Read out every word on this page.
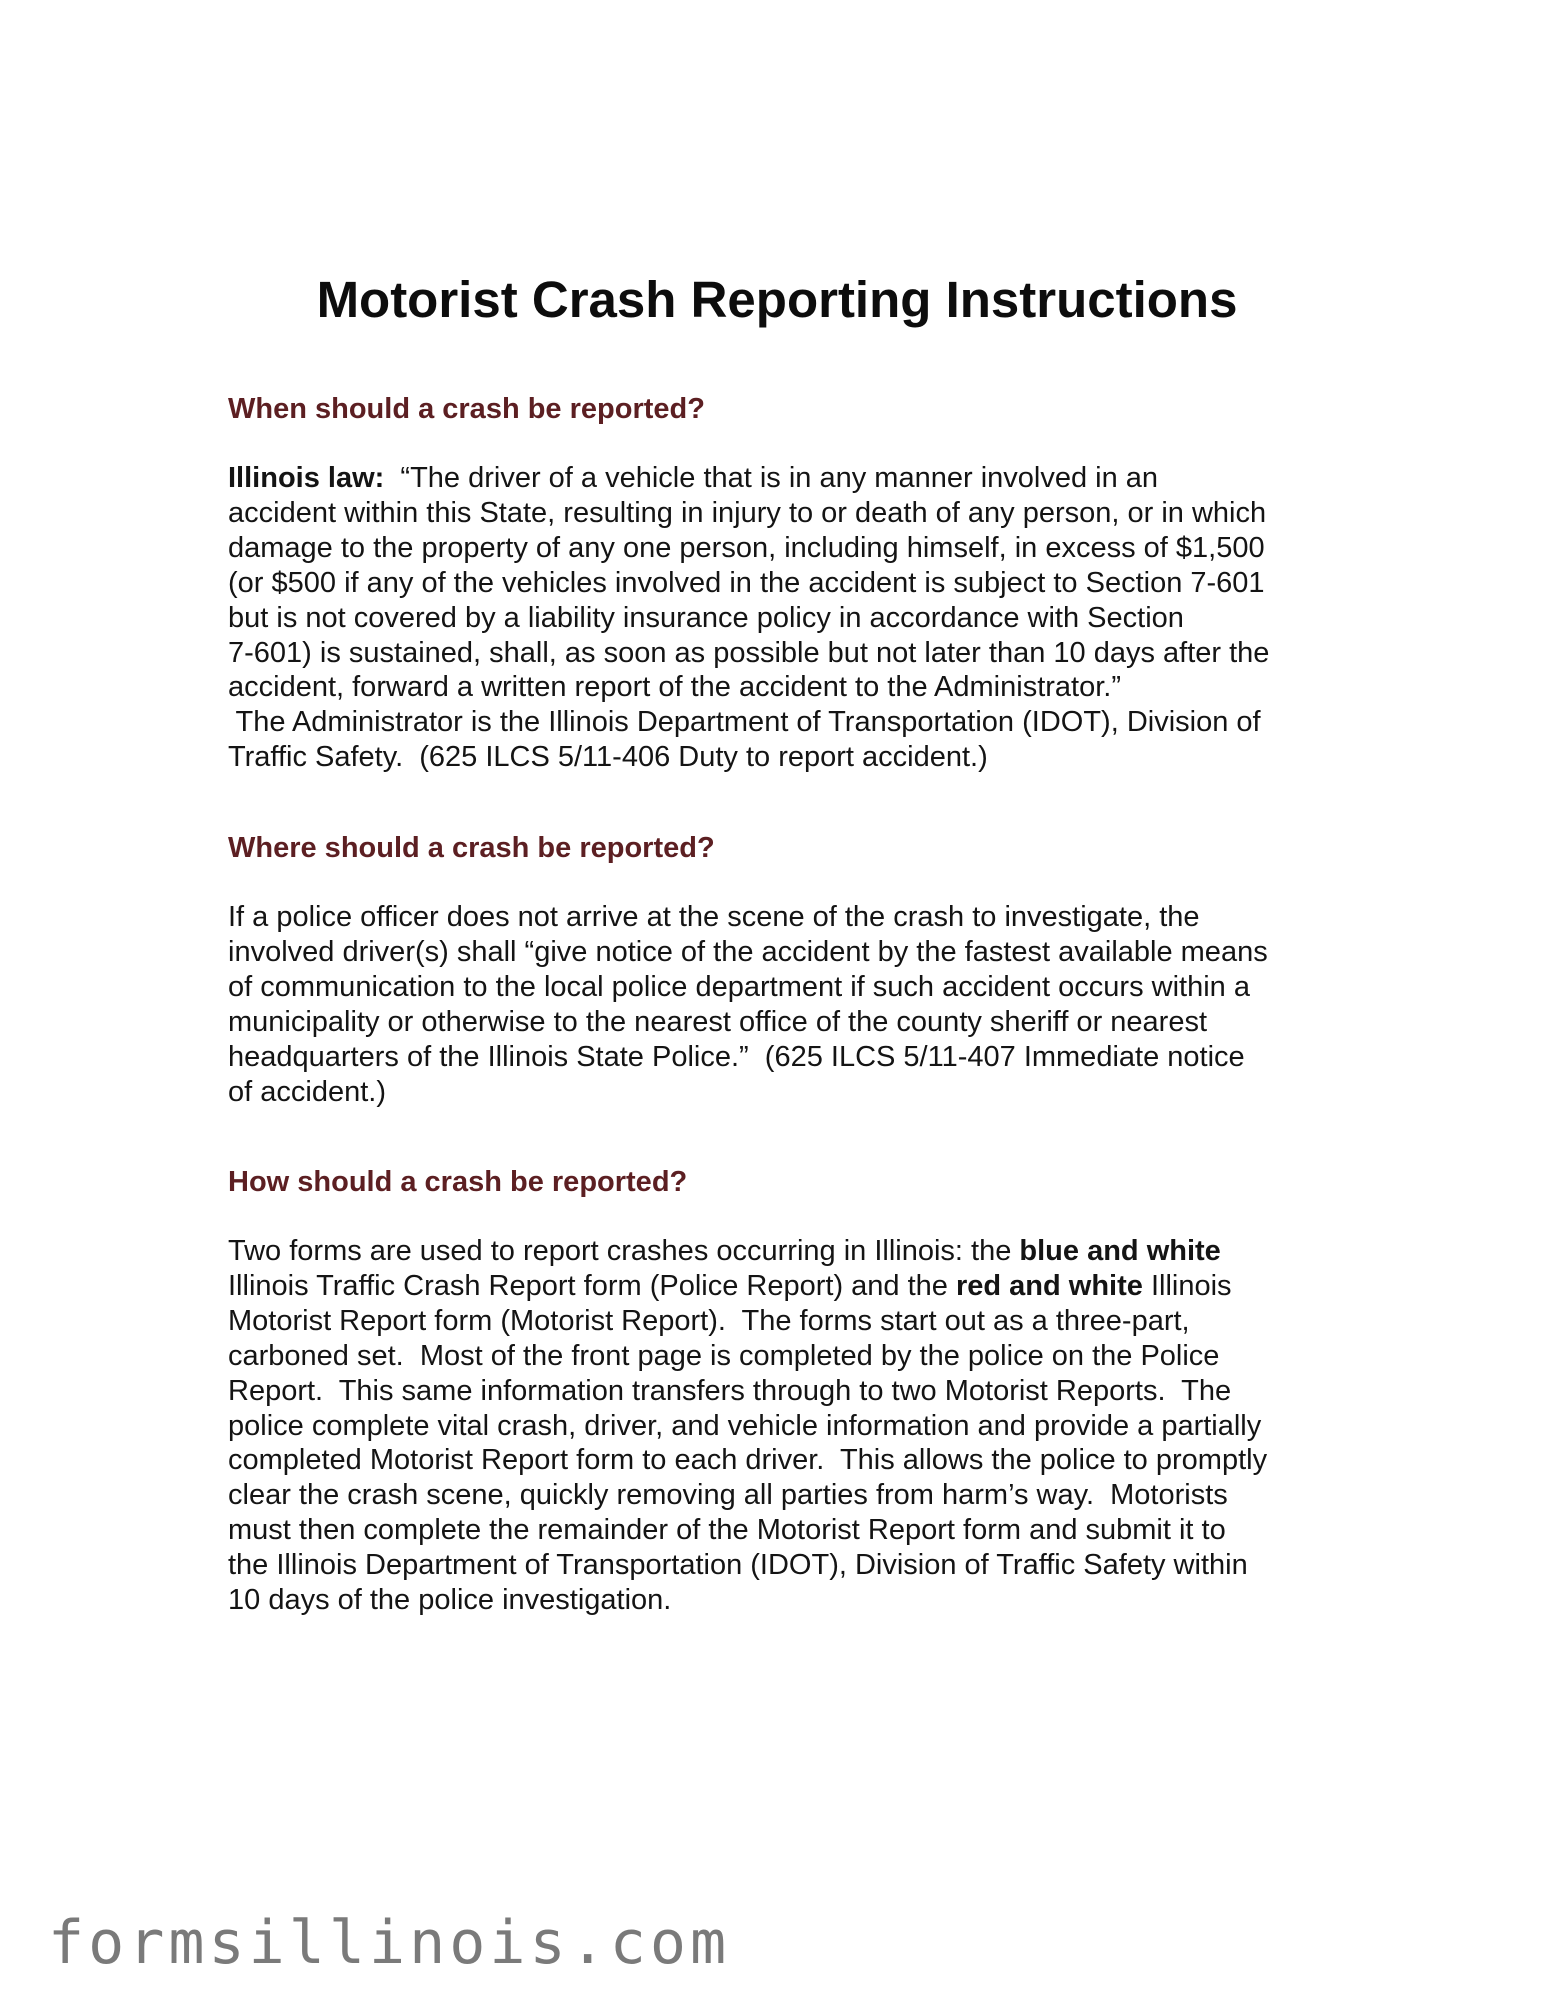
Motorist Crash Reporting Instructions
When should a crash be reported?
Illinois law:  “The driver of a vehicle that is in any manner involved in an
accident within this State, resulting in injury to or death of any person, or in which
damage to the property of any one person, including himself, in excess of $1,500
(or $500 if any of the vehicles involved in the accident is subject to Section 7-601
but is not covered by a liability insurance policy in accordance with Section
7-601) is sustained, shall, as soon as possible but not later than 10 days after the
accident, forward a written report of the accident to the Administrator.”
The Administrator is the Illinois Department of Transportation (IDOT), Division of
Traffic Safety.  (625 ILCS 5/11-406 Duty to report accident.)
Where should a crash be reported?
If a police officer does not arrive at the scene of the crash to investigate, the
involved driver(s) shall “give notice of the accident by the fastest available means
of communication to the local police department if such accident occurs within a
municipality or otherwise to the nearest office of the county sheriff or nearest
headquarters of the Illinois State Police.”  (625 ILCS 5/11-407 Immediate notice
of accident.)
How should a crash be reported?
Two forms are used to report crashes occurring in Illinois: the blue and white
Illinois Traffic Crash Report form (Police Report) and the red and white Illinois
Motorist Report form (Motorist Report).  The forms start out as a three-part,
carboned set.  Most of the front page is completed by the police on the Police
Report.  This same information transfers through to two Motorist Reports.  The
police complete vital crash, driver, and vehicle information and provide a partially
completed Motorist Report form to each driver.  This allows the police to promptly
clear the crash scene, quickly removing all parties from harm’s way.  Motorists
must then complete the remainder of the Motorist Report form and submit it to
the Illinois Department of Transportation (IDOT), Division of Traffic Safety within
10 days of the police investigation.
formsillinois.com
